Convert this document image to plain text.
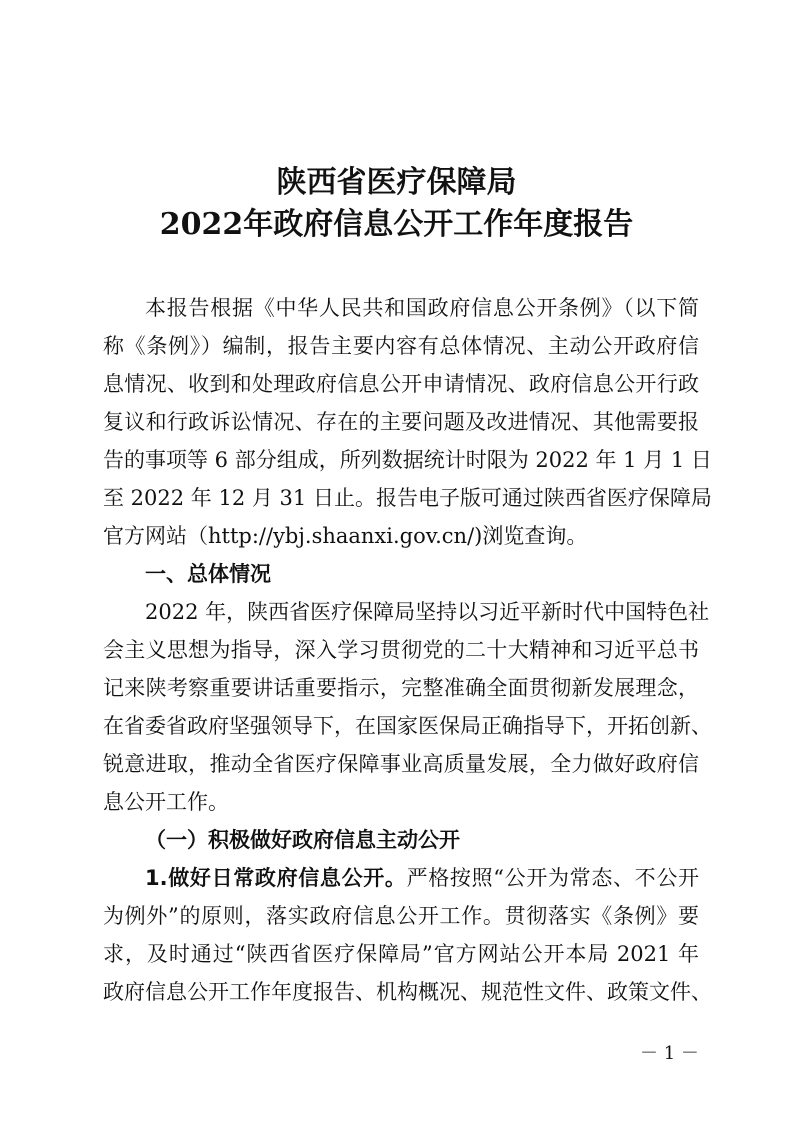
陕西省医疗保障局
2022年政府信息公开工作年度报告

本报告根据《中华人民共和国政府信息公开条例》（以下简

称《条例》）编制，报告主要内容有总体情况、主动公开政府信

息情况、收到和处理政府信息公开申请情况、政府信息公开行政

复议和行政诉讼情况、存在的主要问题及改进情况、其他需要报

告的事项等 6 部分组成，所列数据统计时限为 2022 年 1 月 1 日

至 2022 年 12 月 31 日止。报告电子版可通过陕西省医疗保障局

官方网站（http://ybj.shaanxi.gov.cn/)浏览查询。

一、总体情况

2022 年，陕西省医疗保障局坚持以习近平新时代中国特色社

会主义思想为指导，深入学习贯彻党的二十大精神和习近平总书

记来陕考察重要讲话重要指示，完整准确全面贯彻新发展理念，

在省委省政府坚强领导下，在国家医保局正确指导下，开拓创新、

锐意进取，推动全省医疗保障事业高质量发展，全力做好政府信

息公开工作。

（一）积极做好政府信息主动公开

1.做好日常政府信息公开。严格按照“公开为常态、不公开

为例外”的原则，落实政府信息公开工作。贯彻落实《条例》要

求，及时通过“陕西省医疗保障局”官方网站公开本局 2021 年

政府信息公开工作年度报告、机构概况、规范性文件、政策文件、

－ 1 －
